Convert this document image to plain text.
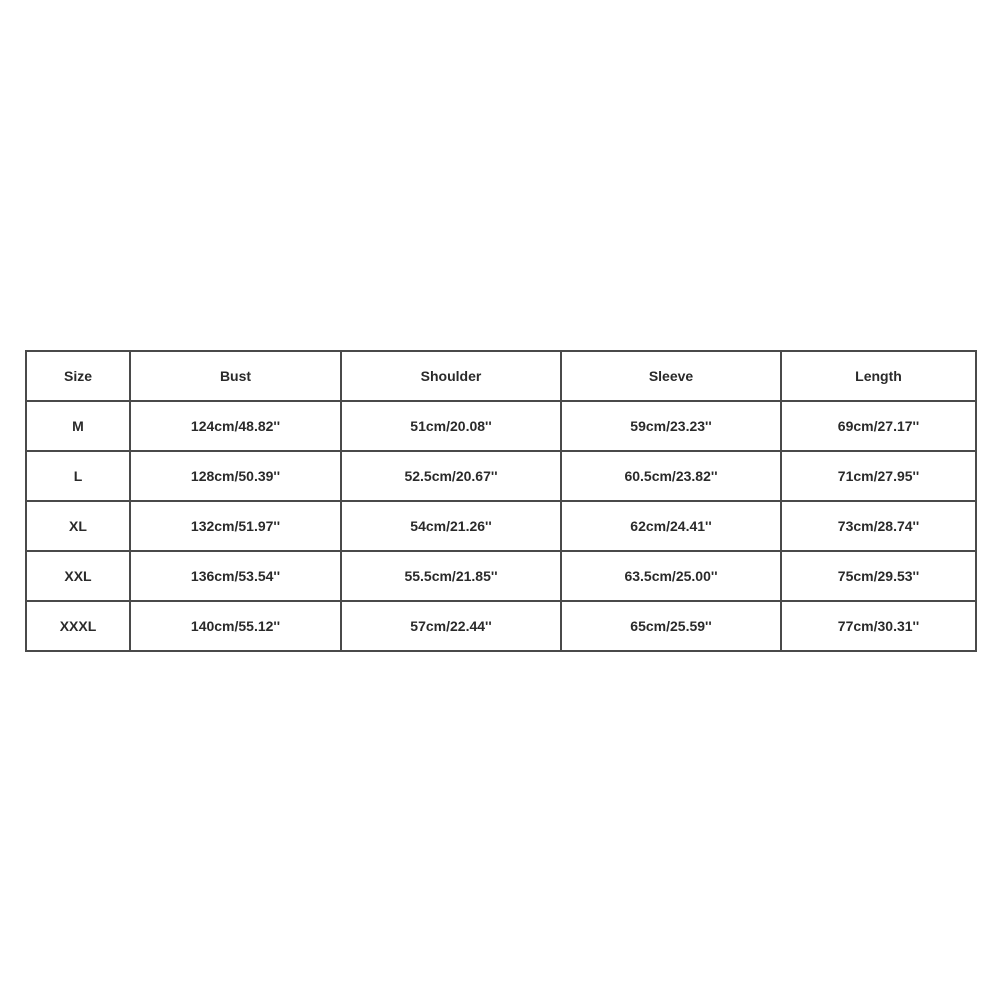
Size	Bust	Shoulder	Sleeve	Length
M	124cm/48.82''	51cm/20.08''	59cm/23.23''	69cm/27.17''
L	128cm/50.39''	52.5cm/20.67''	60.5cm/23.82''	71cm/27.95''
XL	132cm/51.97''	54cm/21.26''	62cm/24.41''	73cm/28.74''
XXL	136cm/53.54''	55.5cm/21.85''	63.5cm/25.00''	75cm/29.53''
XXXL	140cm/55.12''	57cm/22.44''	65cm/25.59''	77cm/30.31''
